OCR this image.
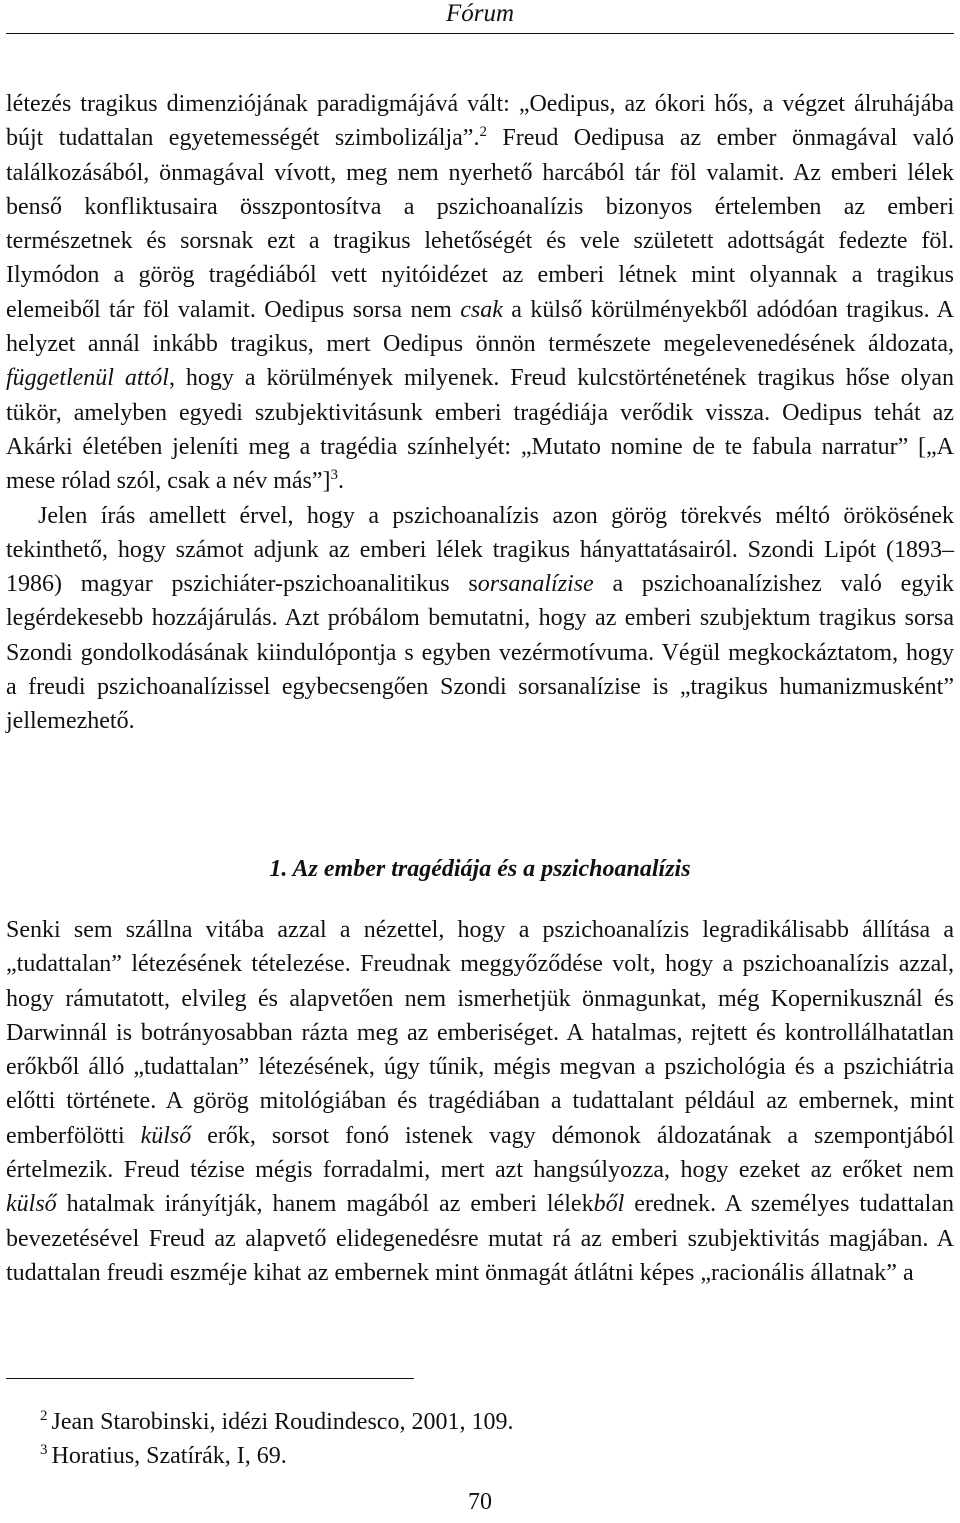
Fórum

létezés tragikus dimenziójának paradigmájává vált: „Oedipus, az ókori hős, a végzet álruhájába bújt tudattalan egyetemességét szimbolizálja”.$^2$ Freud Oedipusa az ember önmagával való találkozásából, önmagával vívott, meg nem nyerhető harcából tár föl valamit. Az emberi lélek benső konfliktusaira összpontosítva a pszichoanalízis bizonyos értelemben az emberi természetnek és sorsnak ezt a tragikus lehetőségét és vele született adottságát fedezte föl. Ilymódon a görög tragédiából vett nyitóidézet az emberi létnek mint olyannak a tragikus elemeiből tár föl valamit. Oedipus sorsa nem csak a külső körülményekből adódóan tragikus. A helyzet annál inkább tragikus, mert Oedipus önnön természete megelevenedésének áldozata, függetlenül attól, hogy a körülmények milyenek. Freud kulcstörténetének tragikus hőse olyan tükör, amelyben egyedi szubjektivitásunk emberi tragédiája verődik vissza. Oedipus tehát az Akárki életében jeleníti meg a tragédia színhelyét: „Mutato nomine de te fabula narratur” [„A mese rólad szól, csak a név más”]$^3$.

Jelen írás amellett érvel, hogy a pszichoanalízis azon görög törekvés méltó örökösének tekinthető, hogy számot adjunk az emberi lélek tragikus hányattatásairól. Szondi Lipót (1893–1986) magyar pszichiáter-pszichoanalitikus sorsanalízise a pszichoanalízishez való egyik legérdekesebb hozzájárulás. Azt próbálom bemutatni, hogy az emberi szubjektum tragikus sorsa Szondi gondolkodásának kiindulópontja s egyben vezérmotívuma. Végül megkockáztatom, hogy a freudi pszichoanalízissel egybecsengően Szondi sorsanalízise is „tragikus humanizmusként” jellemezhető.

1. Az ember tragédiája és a pszichoanalízis

Senki sem szállna vitába azzal a nézettel, hogy a pszichoanalízis legradikálisabb állítása a „tudattalan” létezésének tételezése. Freudnak meggyőződése volt, hogy a pszichoanalízis azzal, hogy rámutatott, elvileg és alapvetően nem ismerhetjük önmagunkat, még Kopernikusznál és Darwinnál is botrányosabban rázta meg az emberiséget. A hatalmas, rejtett és kontrollálhatatlan erőkből álló „tudattalan” létezésének, úgy tűnik, mégis megvan a pszichológia és a pszichiátria előtti története. A görög mitológiában és tragédiában a tudattalant például az embernek, mint emberfölötti külső erők, sorsot fonó istenek vagy démonok áldozatának a szempontjából értelmezik. Freud tézise mégis forradalmi, mert azt hangsúlyozza, hogy ezeket az erőket nem külső hatalmak irányítják, hanem magából az emberi lélekből erednek. A személyes tudattalan bevezetésével Freud az alapvető elidegenedésre mutat rá az emberi szubjektivitás magjában. A tudattalan freudi eszméje kihat az embernek mint önmagát átlátni képes „racionális állatnak” a

$^2$ Jean Starobinski, idézi Roudindesco, 2001, 109.

$^3$ Horatius, Szatírák, I, 69.

70
